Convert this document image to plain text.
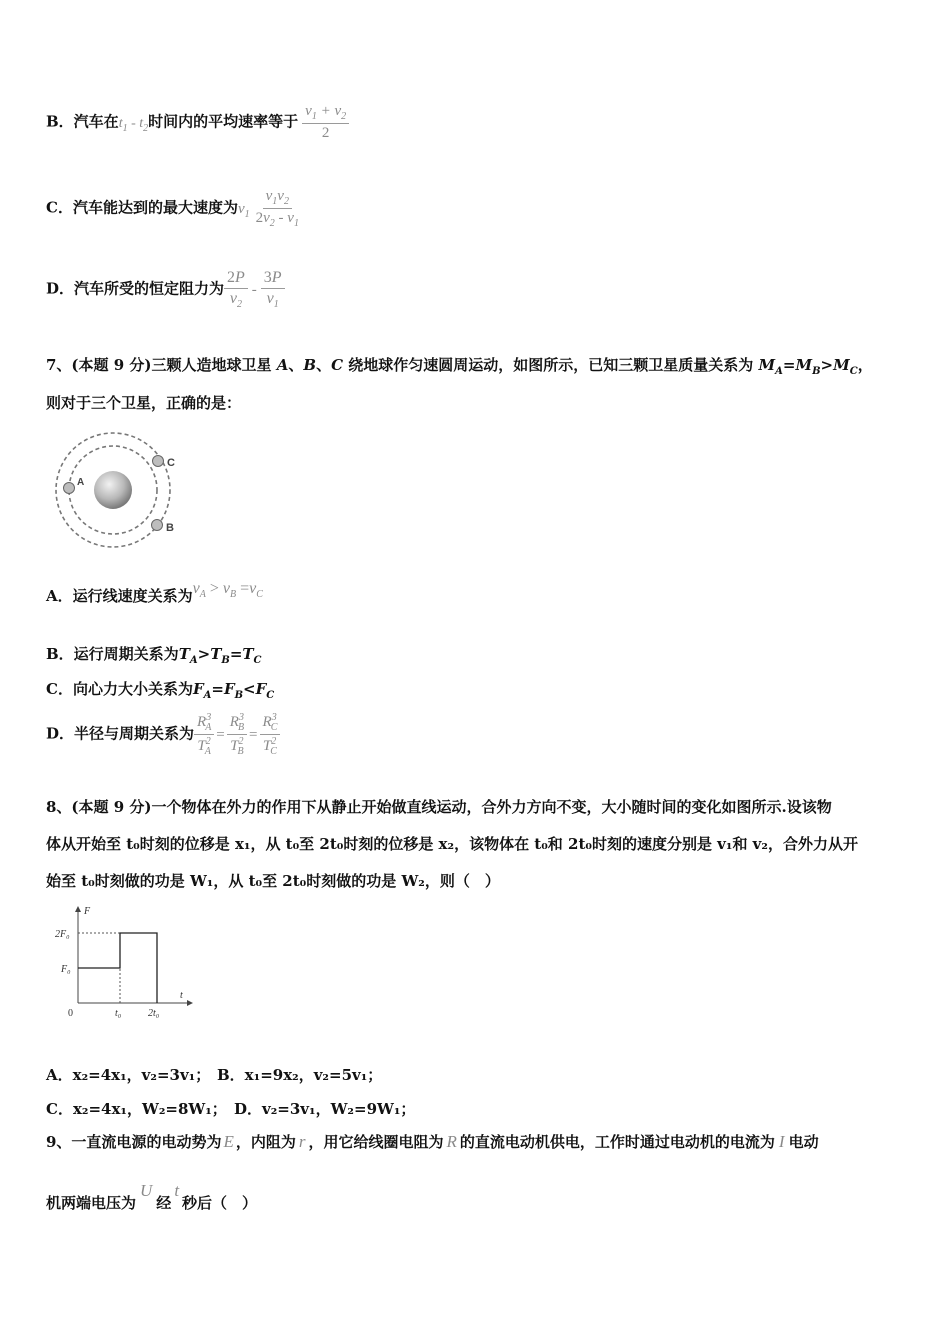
B．汽车在$t_1 - t_2$时间内的平均速率等于 $\frac{v_1 + v_2}{2}$
C．汽车能达到的最大速度为$v_1 \frac{v_1v_2}{2v_2 - v_1}$
D．汽车所受的恒定阻力为 $\frac{2P}{v_2} - \frac{3P}{v_1}$
7、(本题 9 分)三颗人造地球卫星 A、B、C 绕地球作匀速圆周运动，如图所示，已知三颗卫星质量关系为 $M_A=M_B>M_C$，
则对于三个卫星，正确的是：
A
B
C
A．运行线速度关系为$v_A > v_B =v_C$
B．运行周期关系为$T_A>T_B=T_C$
C．向心力大小关系为$F_A=F_B<F_C$
D．半径与周期关系为 $\frac{R^3_A}{T^2_A} = \frac{R^3_B}{T^2_B} = \frac{R^3_C}{T^2_C}$
8、(本题 9 分)一个物体在外力的作用下从静止开始做直线运动，合外力方向不变，大小随时间的变化如图所示.设该物
体从开始至 t₀时刻的位移是 x₁，从 t₀至 2t₀时刻的位移是 x₂，该物体在 t₀和 2t₀时刻的速度分别是 v₁和 v₂，合外力从开
始至 t₀时刻做的功是 W₁，从 t₀至 2t₀时刻做的功是 W₂，则（　）
F
t
2F₀
F₀
0	t₀	2t₀
A．x₂=4x₁，v₂=3v₁； B．x₁=9x₂，v₂=5v₁；
C．x₂=4x₁，W₂=8W₁； D．v₂=3v₁，W₂=9W₁；
9、一直流电源的电动势为 E ，内阻为 r ，用它给线圈电阻为 R 的直流电动机供电，工作时通过电动机的电流为 I 电动
机两端电压为U经t秒后（　）
